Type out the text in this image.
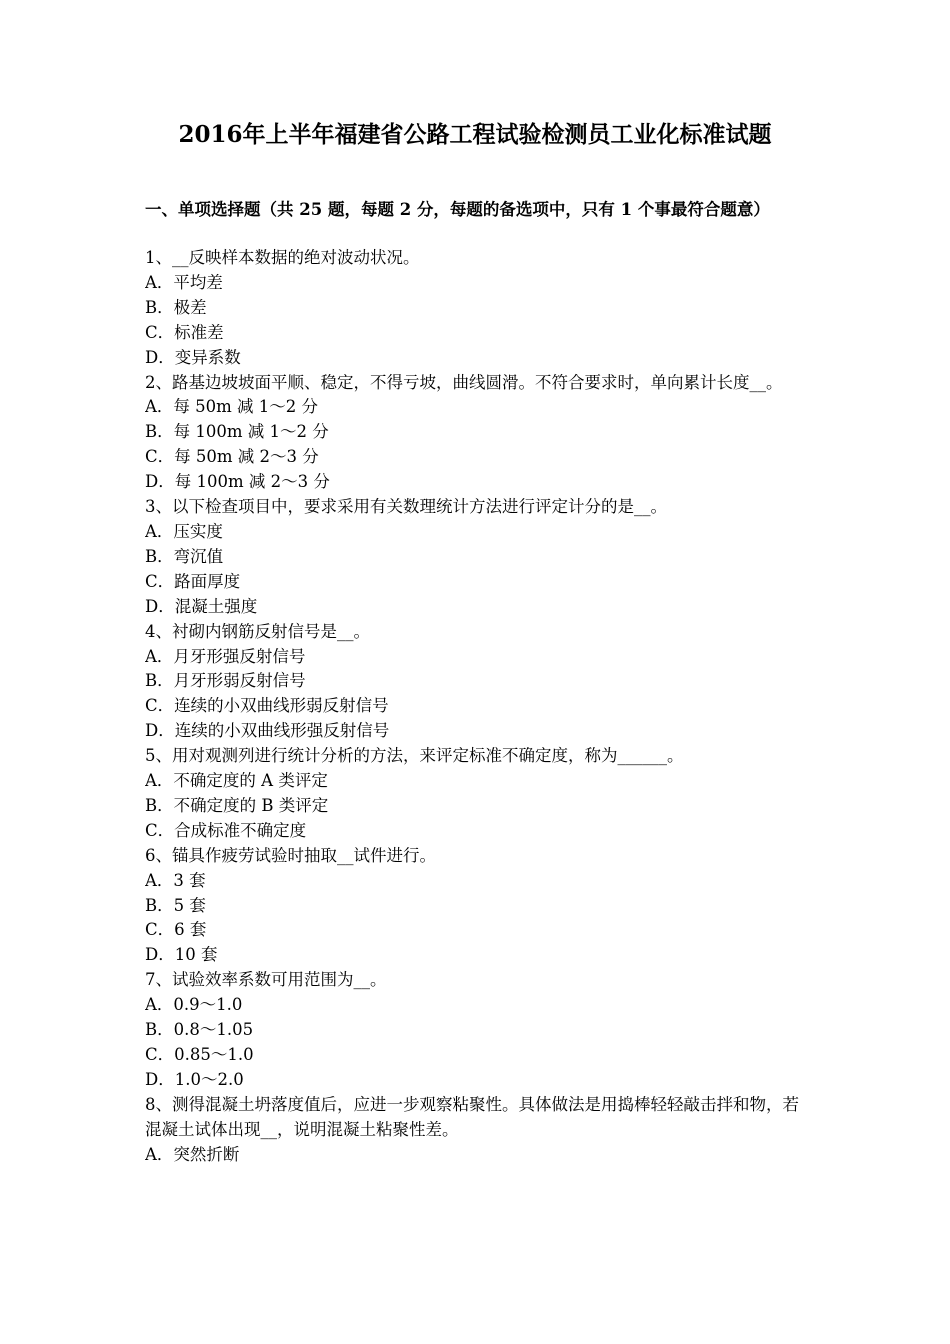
2016年上半年福建省公路工程试验检测员工业化标准试题
一、单项选择题（共 25 题，每题 2 分，每题的备选项中，只有 1 个事最符合题意）
1、__反映样本数据的绝对波动状况。
A．平均差
B．极差
C．标准差
D．变异系数
2、路基边坡坡面平顺、稳定，不得亏坡，曲线圆滑。不符合要求时，单向累计长度__。
A．每 50m 减 1～2 分
B．每 100m 减 1～2 分
C．每 50m 减 2～3 分
D．每 100m 减 2～3 分
3、以下检查项目中，要求采用有关数理统计方法进行评定计分的是__。
A．压实度
B．弯沉值
C．路面厚度
D．混凝土强度
4、衬砌内钢筋反射信号是__。
A．月牙形强反射信号
B．月牙形弱反射信号
C．连续的小双曲线形弱反射信号
D．连续的小双曲线形强反射信号
5、用对观测列进行统计分析的方法，来评定标准不确定度，称为______。
A．不确定度的 A 类评定
B．不确定度的 B 类评定
C．合成标准不确定度
6、锚具作疲劳试验时抽取__试件进行。
A．3 套
B．5 套
C．6 套
D．10 套
7、试验效率系数可用范围为__。
A．0.9～1.0
B．0.8～1.05
C．0.85～1.0
D．1.0～2.0
8、测得混凝土坍落度值后，应进一步观察粘聚性。具体做法是用捣棒轻轻敲击拌和物，若混凝土试体出现__，说明混凝土粘聚性差。
A．突然折断
